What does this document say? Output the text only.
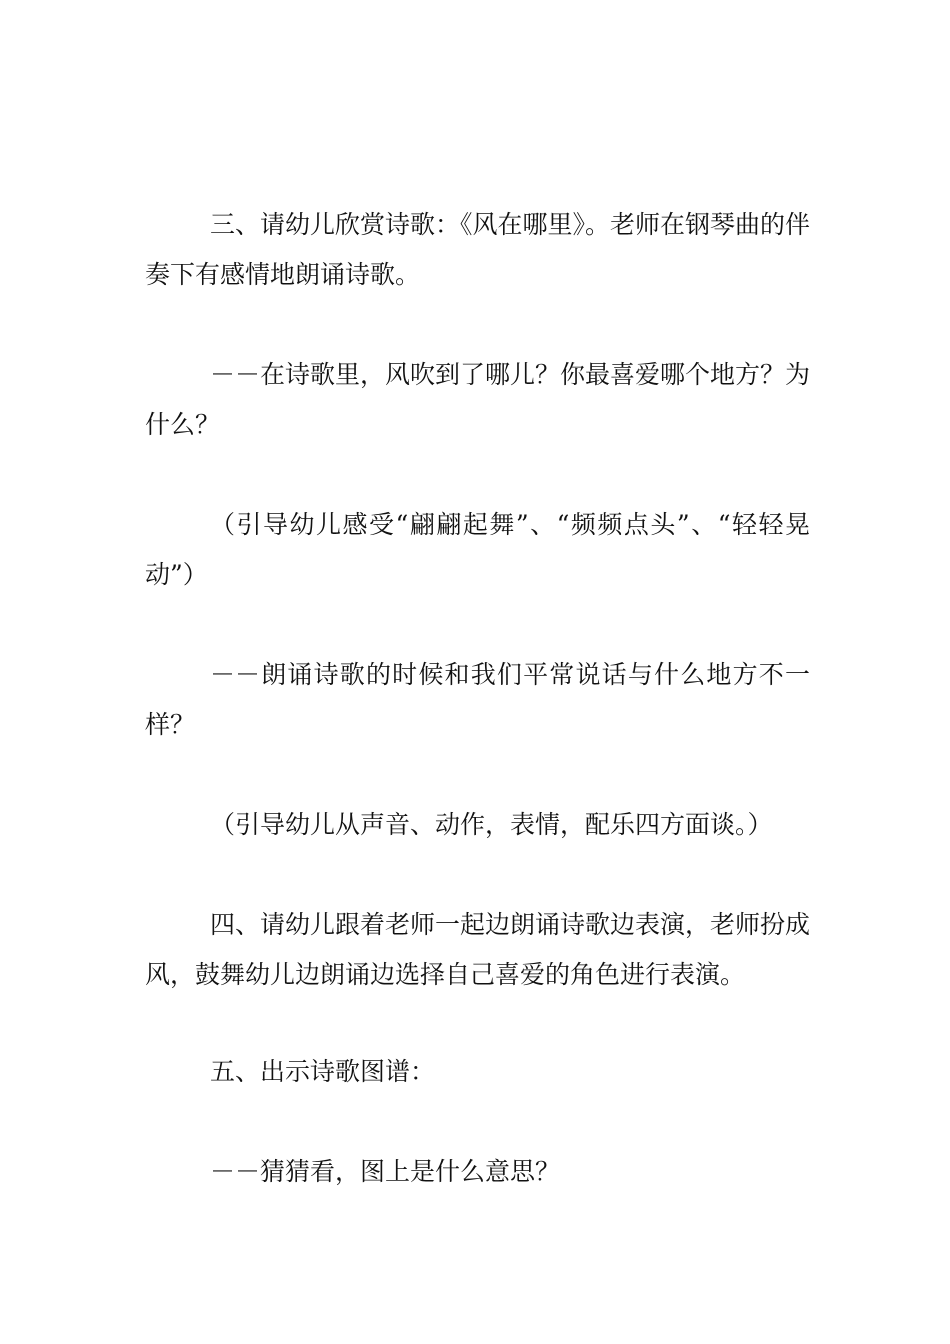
三、请幼儿欣赏诗歌：《风在哪里》。老师在钢琴曲的伴奏下有感情地朗诵诗歌。

－－在诗歌里，风吹到了哪儿？你最喜爱哪个地方？为什么？

（引导幼儿感受“翩翩起舞”、“频频点头”、“轻轻晃动”）

－－朗诵诗歌的时候和我们平常说话与什么地方不一样？

（引导幼儿从声音、动作，表情，配乐四方面谈。）

四、请幼儿跟着老师一起边朗诵诗歌边表演，老师扮成风，鼓舞幼儿边朗诵边选择自己喜爱的角色进行表演。

五、出示诗歌图谱：

－－猜猜看，图上是什么意思？
